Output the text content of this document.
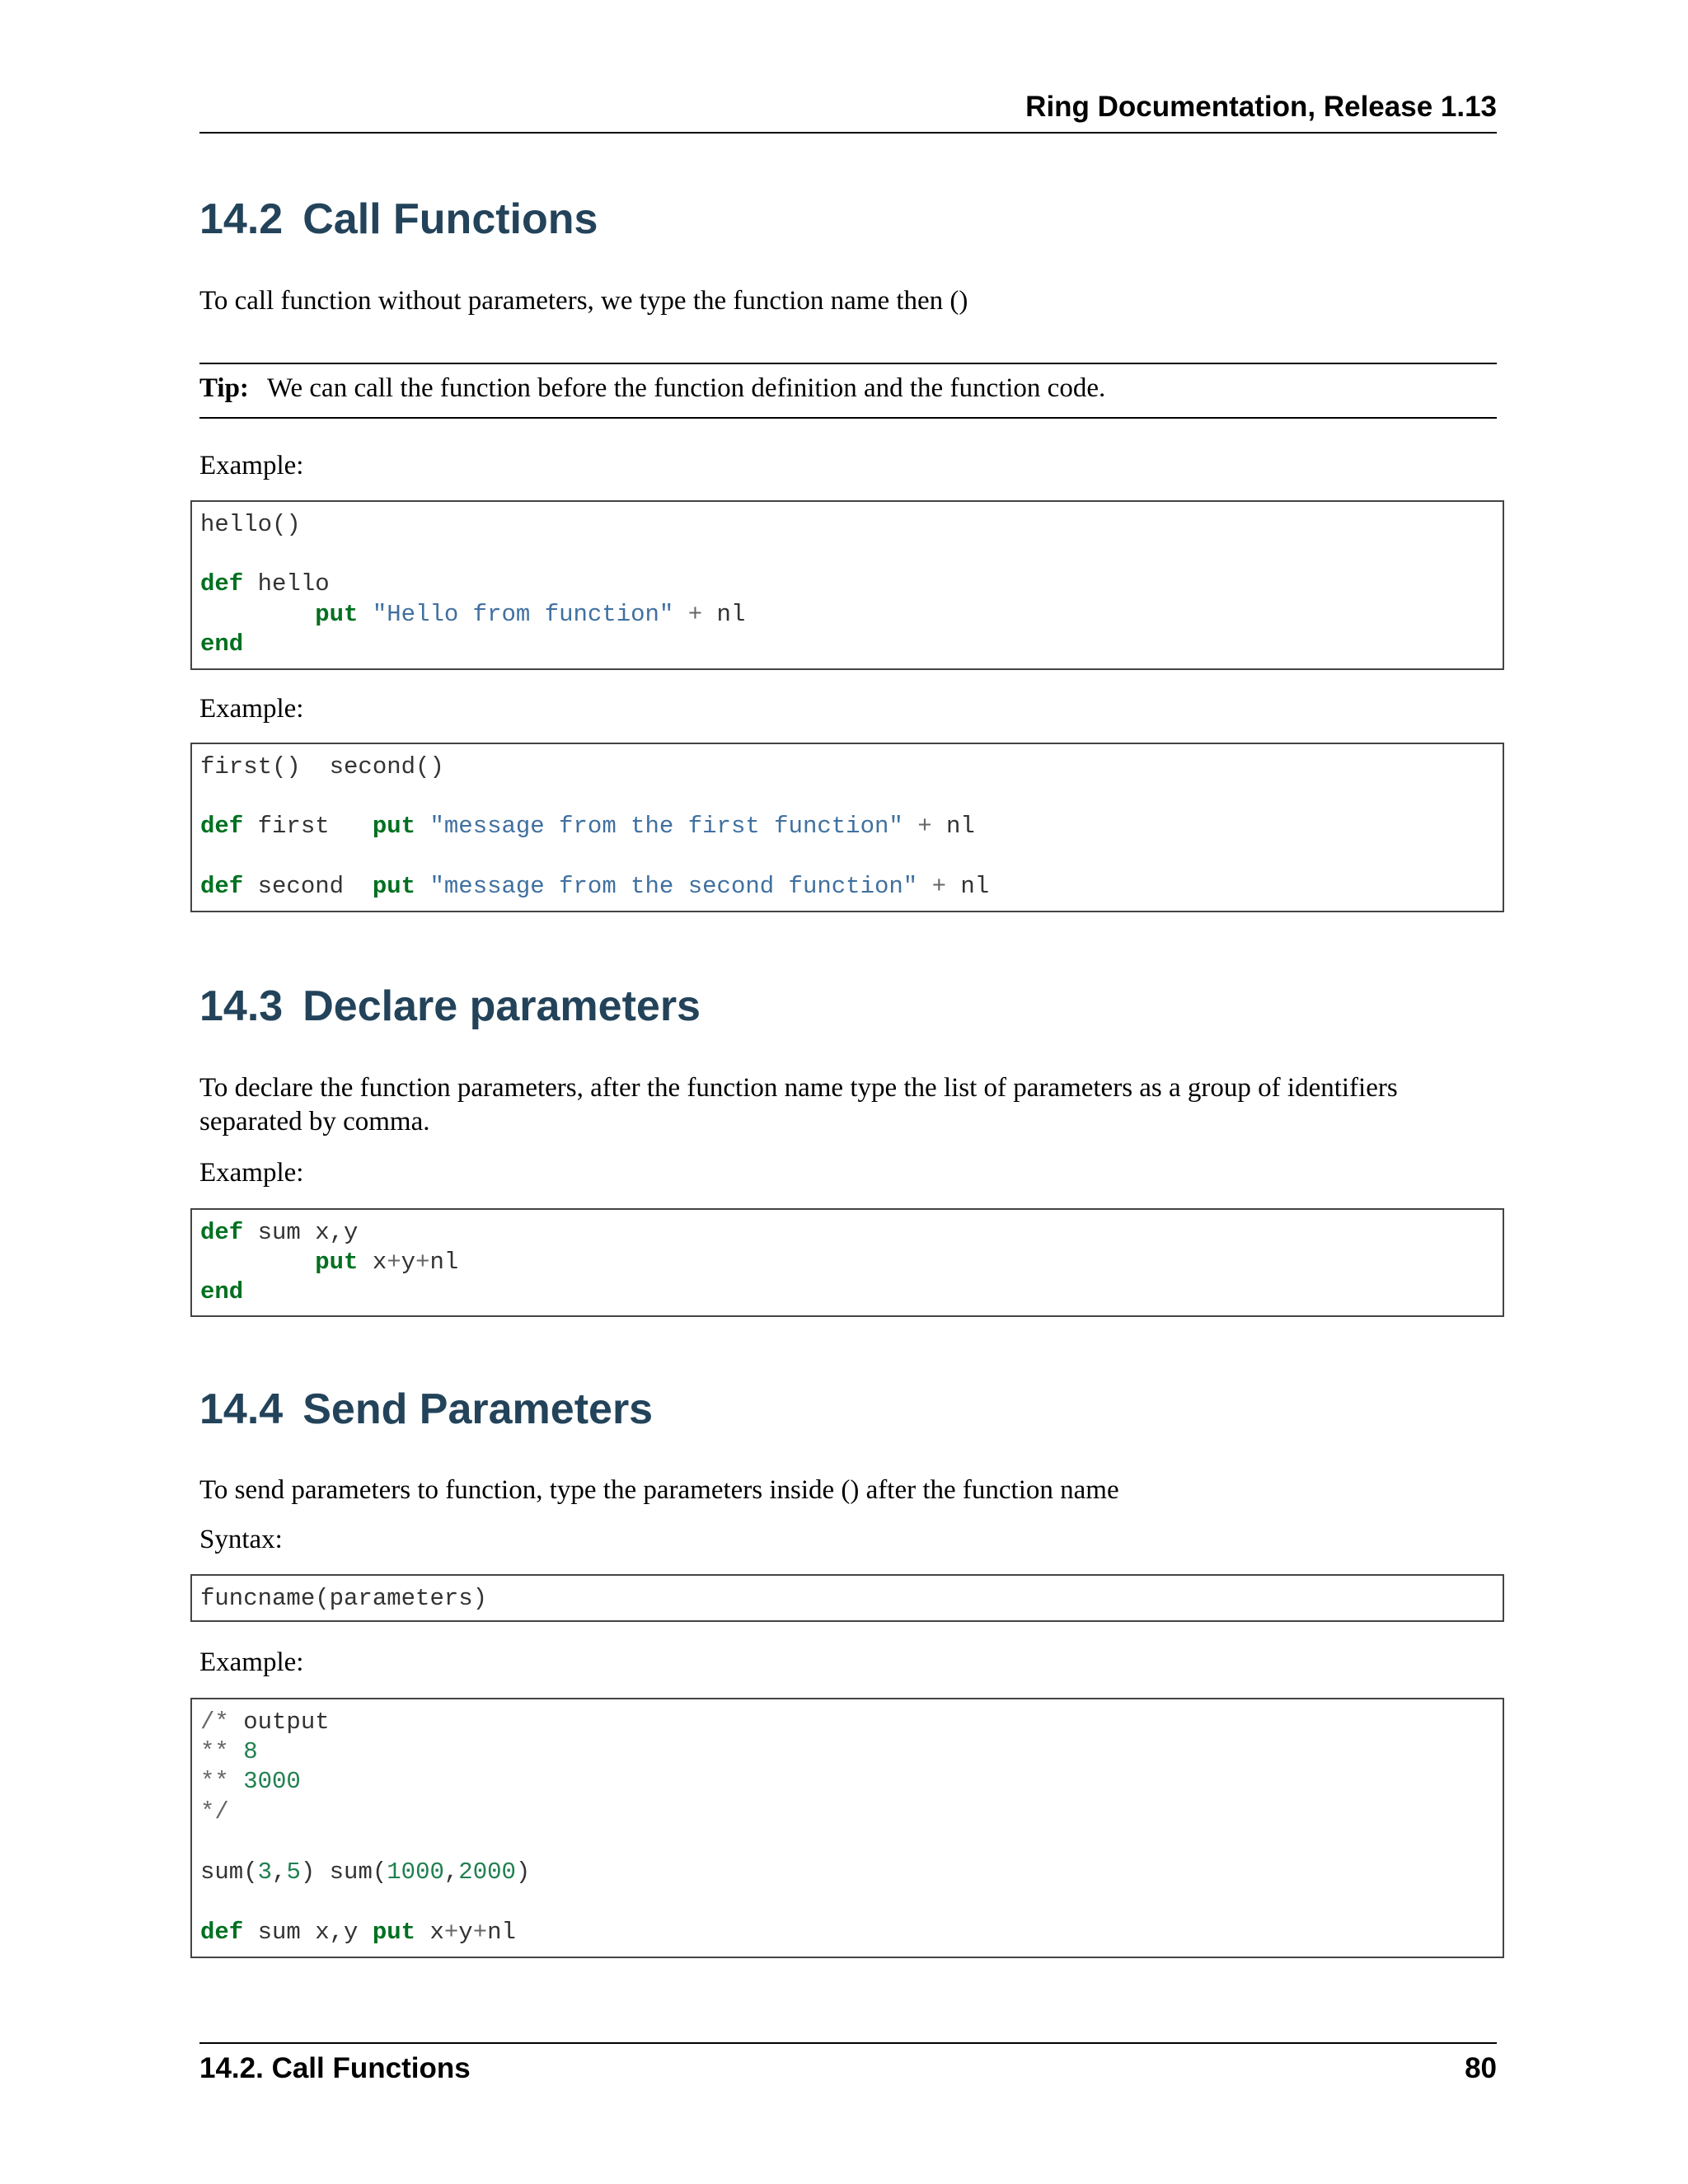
Ring Documentation, Release 1.13
14.2 Call Functions

To call function without parameters, we type the function name then ()

Tip: We can call the function before the function definition and the function code.

Example:

hello()
def hello
put "Hello from function" + nl
end

Example:

first()  second()
def first   put "message from the first function" + nl
def second  put "message from the second function" + nl
14.3 Declare parameters

To declare the function parameters, after the function name type the list of parameters as a group of identifiers separated by comma.

Example:

def sum x,y
put x+y+nl
end
14.4 Send Parameters

To send parameters to function, type the parameters inside () after the function name

Syntax:

funcname(parameters)

Example:

/* output
** 8
** 3000
*/
sum(3,5) sum(1000,2000)
def sum x,y put x+y+nl
14.2. Call Functions	80
